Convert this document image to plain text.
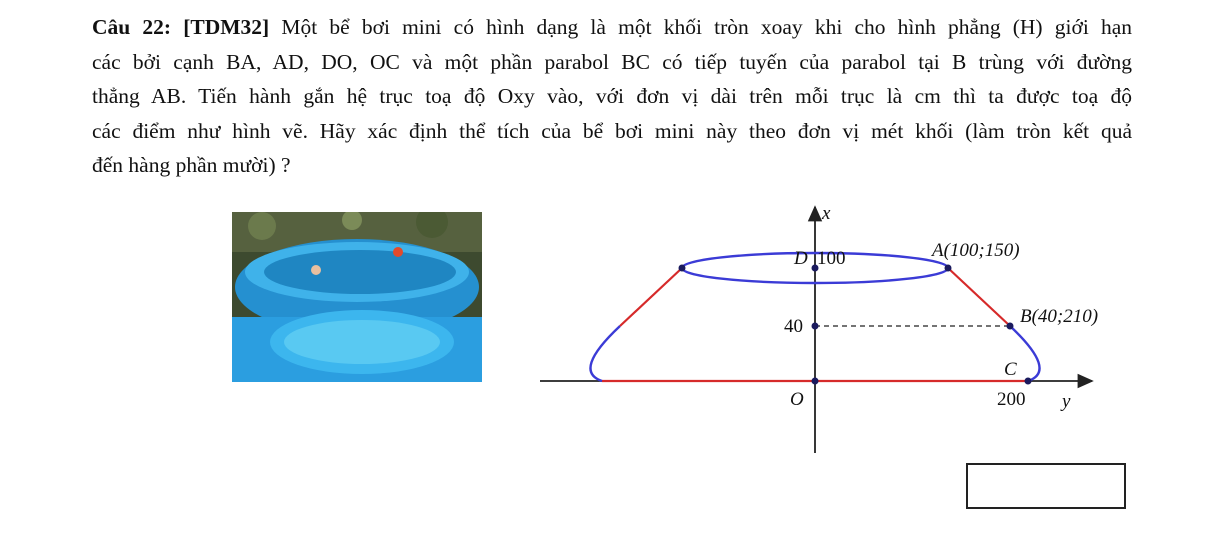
Câu 22: [TDM32] Một bể bơi mini có hình dạng là một khối tròn xoay khi cho hình phẳng (H) giới hạn
các bởi cạnh BA, AD, DO, OC và một phần parabol BC có tiếp tuyến của parabol tại B trùng với đường
thẳng AB. Tiến hành gắn hệ trục toạ độ Oxy vào, với đơn vị dài trên mỗi trục là cm thì ta được toạ độ
các điểm như hình vẽ. Hãy xác định thể tích của bể bơi mini này theo đơn vị mét khối (làm tròn kết quả
đến hàng phần mười) ?
x
D 100	A(100;150)
40	B(40;210)
C
O	200 y
